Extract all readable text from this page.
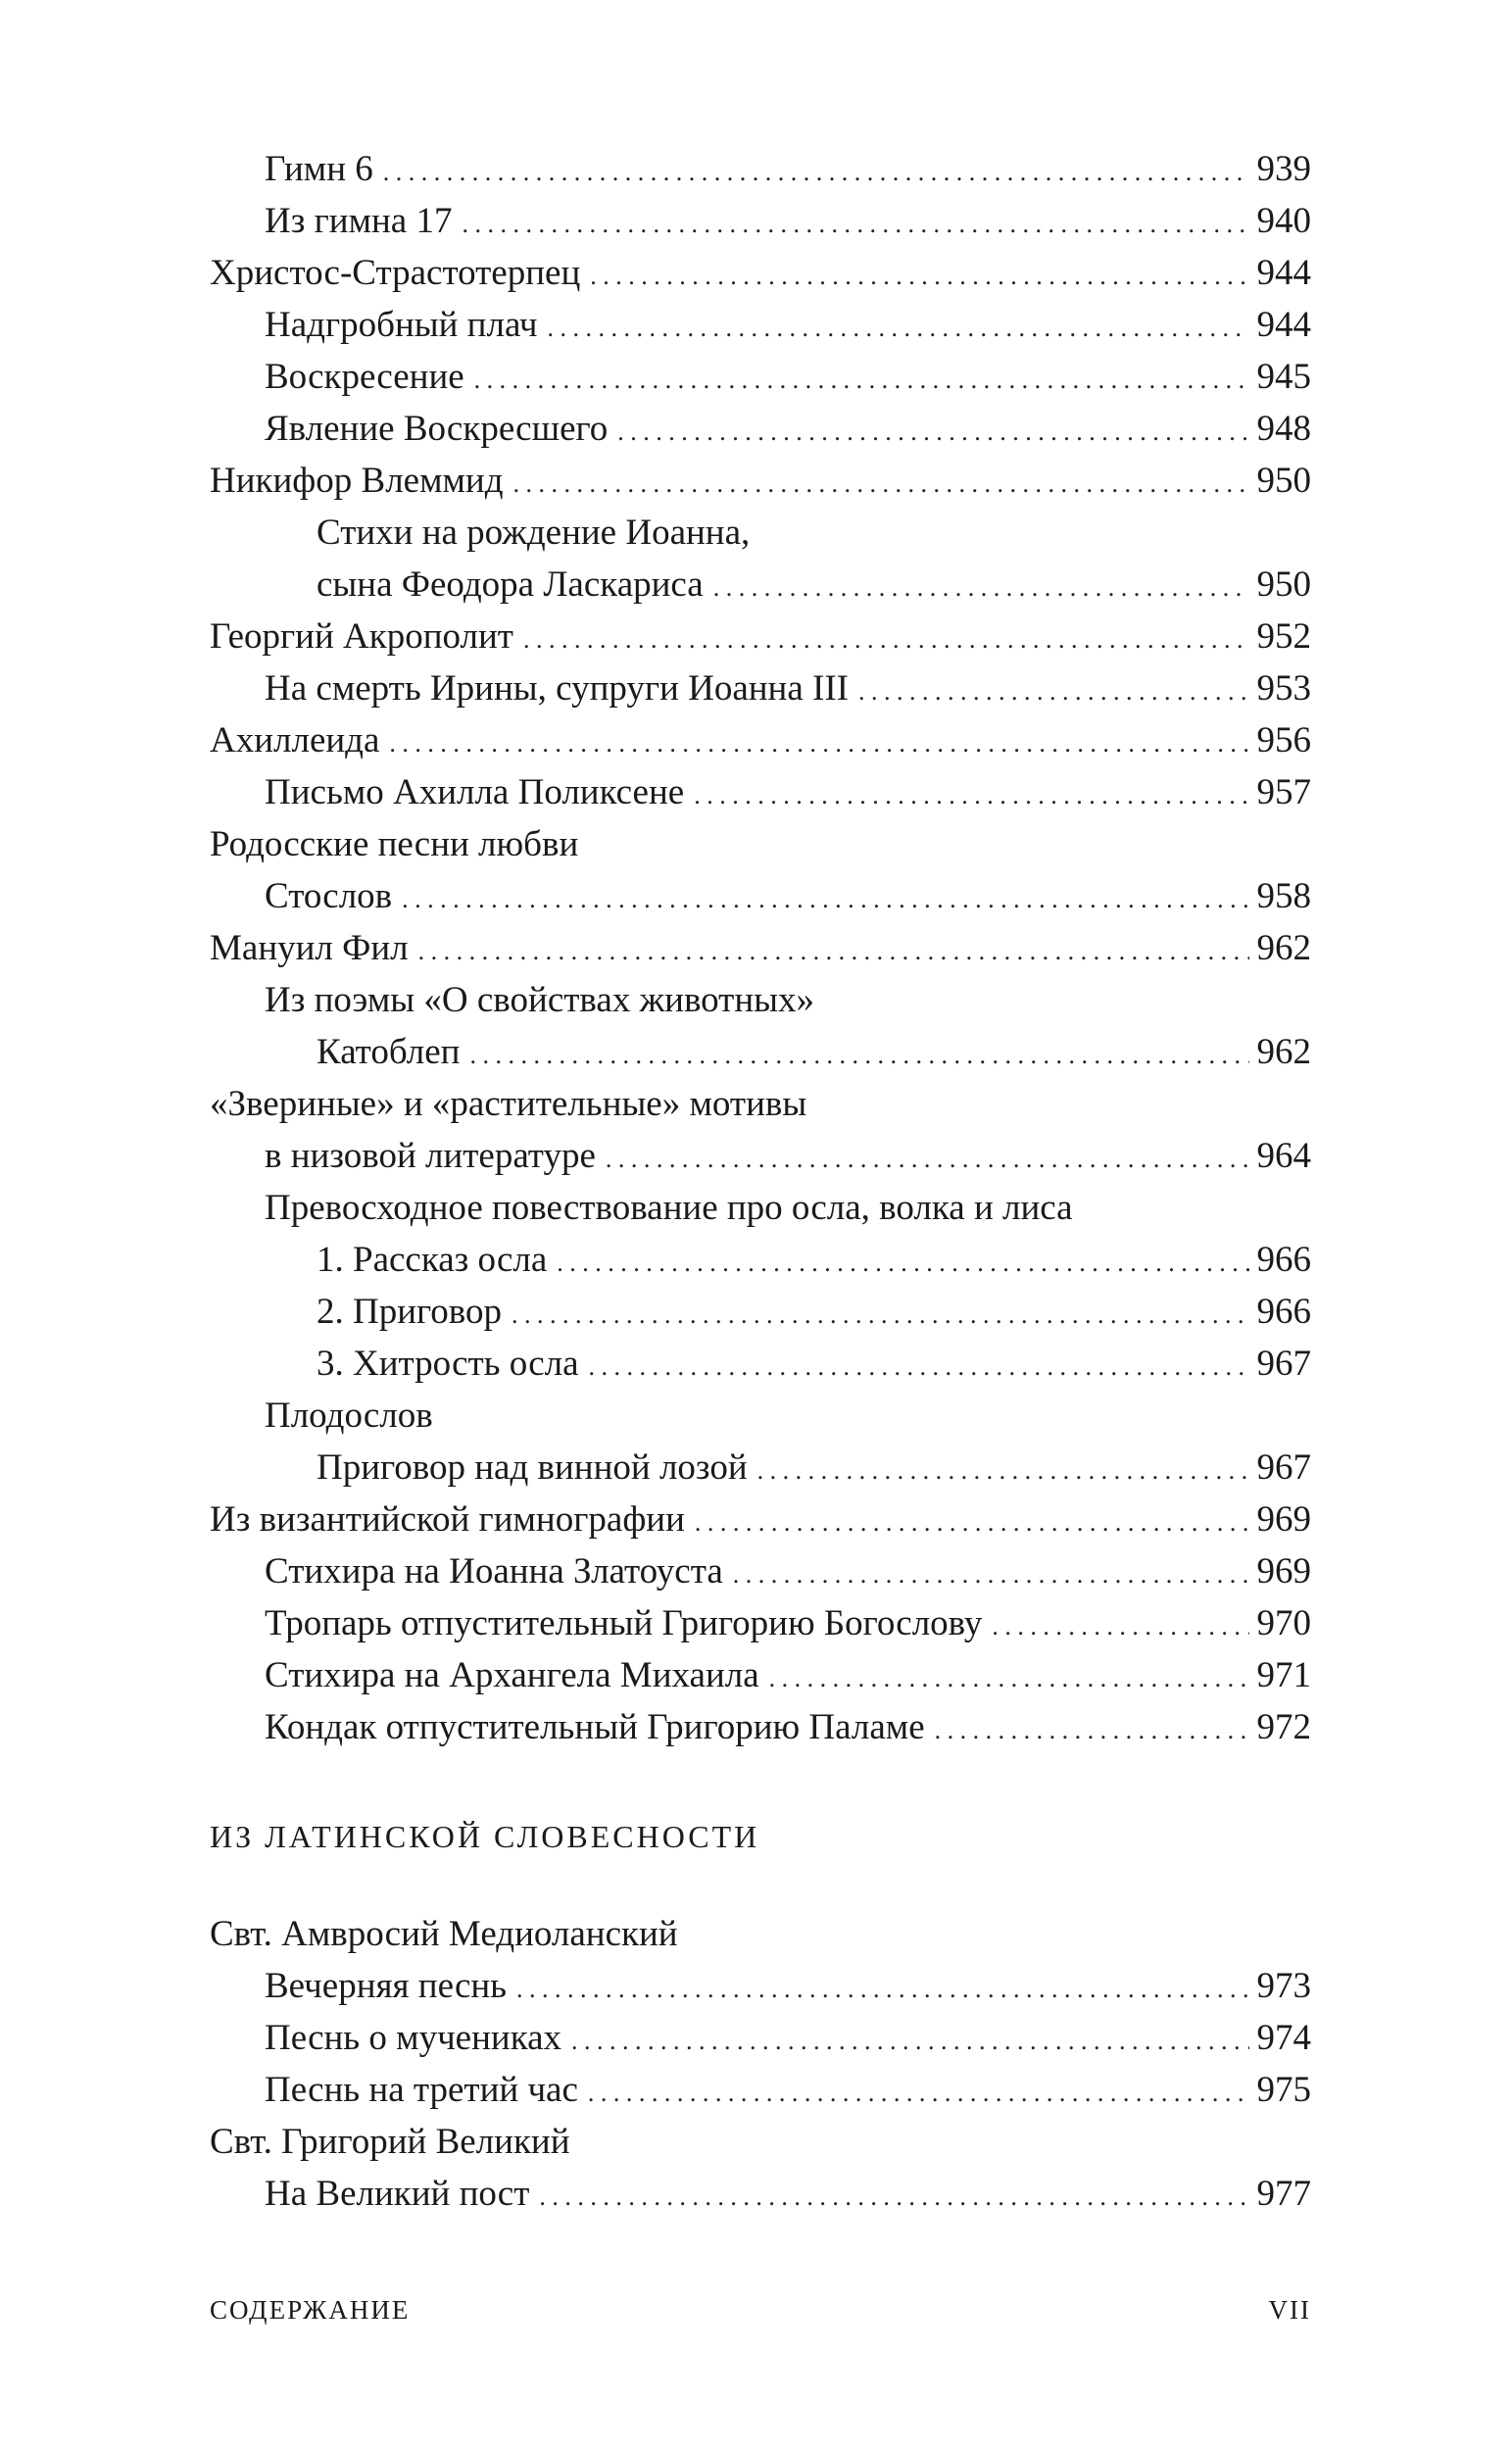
Гимн 6 . . .	939
Из гимна 17 . . .	940
Христос-Страстотерпец . . .	944
Надгробный плач . . .	944
Воскресение . . .	945
Явление Воскресшего . . .	948
Никифор Влеммид . . .	950
Стихи на рождение Иоанна,
сына Феодора Ласкариса . . .	950
Георгий Акрополит . . .	952
На смерть Ирины, супруги Иоанна III . . .	953
Ахиллеида . . .	956
Письмо Ахилла Поликсене . . .	957
Родосские песни любви
Стослов . . .	958
Мануил Фил . . .	962
Из поэмы «О свойствах животных»
Катоблеп . . .	962
«Звериные» и «растительные» мотивы
в низовой литературе . . .	964
Превосходное повествование про осла, волка и лиса
1. Рассказ осла . . .	966
2. Приговор . . .	966
3. Хитрость осла . . .	967
Плодослов
Приговор над винной лозой . . .	967
Из византийской гимнографии . . .	969
Стихира на Иоанна Златоуста . . .	969
Тропарь отпустительный Григорию Богослову . . .	970
Стихира на Архангела Михаила . . .	971
Кондак отпустительный Григорию Паламе . . .	972
Свт. Амвросий Медиоланский
Вечерняя песнь . . .	973
Песнь о мучениках . . .	974
Песнь на третий час . . .	975
Свт. Григорий Великий
На Великий пост . . .	977
ИЗ ЛАТИНСКОЙ СЛОВЕСНОСТИ
СОДЕРЖАНИЕ	VII
